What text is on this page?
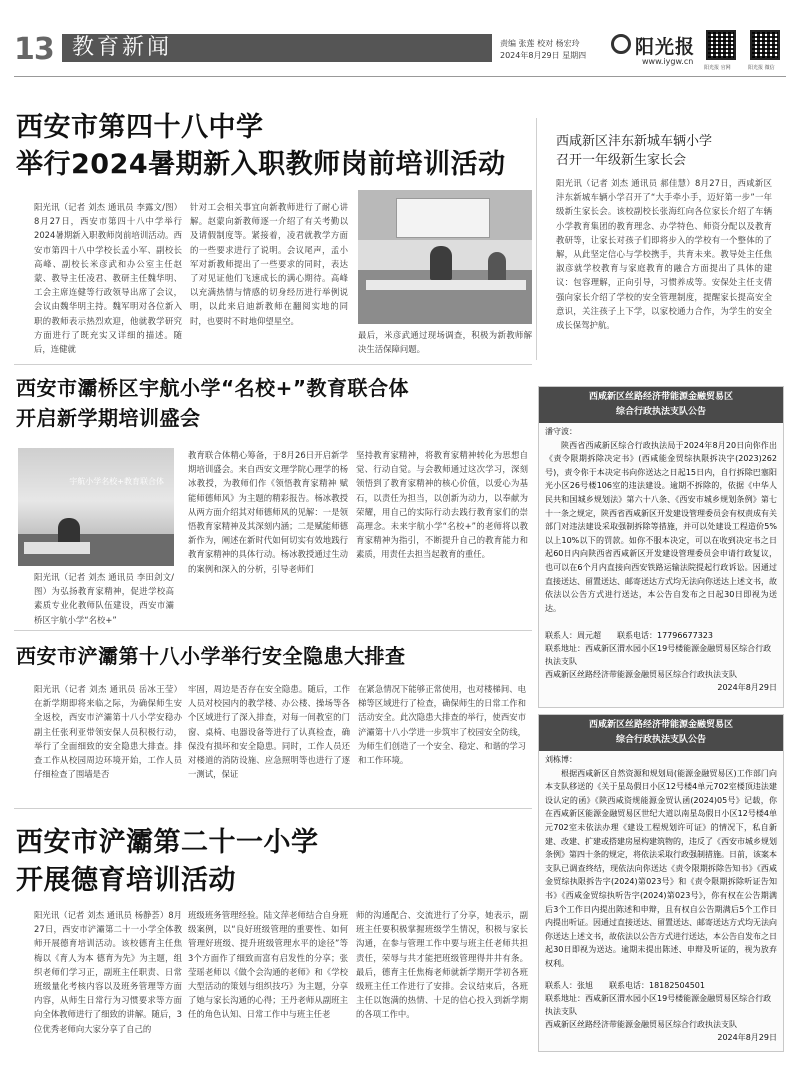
13 教育新闻	责编 张莲 校对 杨宏玲
2024年8月29日 星期四	阳光报
www.iygw.cn
阳光报 官网	阳光报 微信
西安市第四十八中学
举行2024暑期新入职教师岗前培训活动
阳光讯（记者 刘杰 通讯员 李露文/图）8月27日，西安市第四十八中学举行2024暑期新入职教师岗前培训活动。西安市第四十八中学校长孟小军、副校长高峰、副校长米彦武和办公室主任赵蒙、教导主任凌君、教研主任魏华明、工会主席连健等行政领导出席了会议，会议由魏华明主持。魏军明对各位新入职的教师表示热烈欢迎，他就教学研究方面进行了既充实又详细的描述。随后，连健就
针对工会相关事宜向新教师进行了耐心讲解。赵蒙向新教师逐一介绍了有关考勤以及请假制度等。紧接着，凌君就教学方面的一些要求进行了说明。会议尾声，孟小军对新教师提出了一些要求的同时，表达了对见证他们飞速成长的满心期待。高峰以充满热情与情感的切身经历进行举例说明，以此来启迪新教师在翻阅实地的同时，也要时不时地仰望星空。
最后，米彦武通过现场调查，积极为新教师解决生活保障问题。
西咸新区沣东新城车辆小学
召开一年级新生家长会
阳光讯（记者 刘杰 通讯员 郝佳慧）8月27日，西咸新区沣东新城车辆小学召开了“大手牵小手，迈好第一步”一年级新生家长会。该校副校长张海红向各位家长介绍了车辆小学教育集团的教育理念、办学特色、师资分配以及教育教研等，让家长对孩子们即将步入的学校有一个整体的了解，从此坚定信心与学校携手，共育未来。教导处主任焦淑彦就学校教育与家庭教育的融合方面提出了具体的建议：包容理解，正向引导，习惯养成等。安保处主任支倩强向家长介绍了学校的安全管理制度，提醒家长提高安全意识，关注孩子上下学，以家校通力合作，为学生的安全成长保驾护航。
西安市灞桥区宇航小学“名校+”教育联合体
开启新学期培训盛会
宇航小学名校+教育联合体
阳光讯（记者 刘杰 通讯员 李田剑文/图）为弘扬教育家精神，促进学校高素质专业化教师队伍建设，西安市灞桥区宇航小学“名校+”
教育联合体精心筹备，于8月26日开启新学期培训盛会。来自西安文理学院心理学的杨冰教授，为教师们作《领悟教育家精神 赋能师德师风》为主题的精彩报告。杨冰教授从两方面介绍其对师德师风的见解：一是领悟教育家精神及其深刻内涵；二是赋能师德新作为，阐述在新时代如何切实有效地践行教育家精神的具体行动。杨冰教授通过生动的案例和深入的分析，引导老师们
坚持教育家精神，将教育家精神转化为思想自觉、行动自觉。与会教师通过这次学习，深刻领悟到了教育家精神的核心价值，以爱心为基石，以责任为担当，以创新为动力，以奉献为荣耀，用自己的实际行动去践行教育家们的崇高理念。未来宇航小学“名校+”的老师将以教育家精神为指引，不断提升自己的教育能力和素质，用责任去担当起教育的重任。
西安市浐灞第十八小学举行安全隐患大排查
阳光讯（记者 刘杰 通讯员 岳冰王莹）在新学期即将来临之际，为确保师生安全返校，西安市浐灞第十八小学安稳办副主任张利亚带领安保人员积极行动，举行了全面细致的安全隐患大排查。排查工作从校园周边环境开始，工作人员仔细检查了围墙是否
牢固，周边是否存在安全隐患。随后，工作人员对校园内的教学楼、办公楼、操场等各个区域进行了深入排查，对每一间教室的门窗、桌椅、电器设备等进行了认真检查，确保没有损坏和安全隐患。同时，工作人员还对楼道的消防设施、应急照明等也进行了逐一测试，保证
在紧急情况下能够正常使用，也对楼梯间、电梯等区域进行了检查，确保师生的日常工作和活动安全。此次隐患大排查的举行，使西安市浐灞第十八小学进一步筑牢了校园安全防线，为师生们创造了一个安全、稳定、和谐的学习和工作环境。
西安市浐灞第二十一小学
开展德育培训活动
阳光讯（记者 刘杰 通讯员 杨静荟）8月27日，西安市浐灞第二十一小学全体教师开展德育培训活动。该校德育主任焦梅以《育人为本 德育为先》为主题，组织老师们学习正，副班主任职责、日常班级量化考核内容以及班务管理等方面内容，从师生日常行为习惯要求等方面向全体教师进行了细致的讲解。随后，3位优秀老师向大家分享了自己的
班级班务管理经验。陆文萍老师结合自身班级案例，以“良好班级管理的重要性、如何管理好班级、提升班级管理水平的途径”等3个方面作了细致而富有启发性的分享；张莹瑶老师以《做个会沟通的老师》和《学校大型活动的策划与组织技巧》为主题，分享了她与家长沟通的心得；王丹老师从副班主任的角色认知、日常工作中与班主任老
师的沟通配合、交流进行了分享，她表示，副班主任要积极掌握班级学生情况，积极与家长沟通，在参与管理工作中要与班主任老师共担责任，荣辱与共才能把班级管理得井井有条。最后，德育主任焦梅老师就新学期开学初各班级班主任工作进行了安排。会议结束后，各班主任以饱满的热情、十足的信心投入到新学期的各项工作中。
西咸新区丝路经济带能源金融贸易区
综合行政执法支队公告
潘守波：
陕西省西咸新区综合行政执法局于2024年8月20日向你作出《责令限期拆除决定书》(西咸能金贸综执限拆决字(2023)262号)，责令你于本决定书向你送达之日起15日内，自行拆除巴塞阳光小区26号楼106室的违法建设。逾期不拆除的，依据《中华人民共和国城乡规划法》第六十八条、《西安市城乡规划条例》第七十一条之规定，陕西省西咸新区开发建设管理委员会有权责成有关部门对违法建设采取强制拆除等措施，并可以处建设工程造价5%以上10%以下的罚款。如你不服本决定，可以在收到决定书之日起60日内向陕西省西咸新区开发建设管理委员会申请行政复议，也可以在6个月内直接向西安铁路运输法院提起行政诉讼。因通过直接送达、留置送达、邮寄送达方式均无法向你送达上述文书，故依法以公告方式进行送达，本公告自发布之日起30日即视为送达。
联系人：周元超　　联系电话：17796677323
联系地址：西咸新区渭水园小区19号楼能源金融贸易区综合行政执法支队
西咸新区丝路经济带能源金融贸易区综合行政执法支队
2024年8月29日
西咸新区丝路经济带能源金融贸易区
综合行政执法支队公告
刘栋博：
根据西咸新区自然资源和规划局(能源金融贸易区)工作部门向本支队移送的《关于星岛假日小区12号楼4单元702室楼顶违法建设认定的函》《陕西咸资规能源金贸认函(2024)05号》记载，你在西咸新区能源金融贸易区世纪大道以南星岛假日小区12号楼4单元702室未依法办理《建设工程规划许可证》的情况下，私自新建、改建、扩建或搭建房屋构建筑物的，违反了《西安市城乡规划条例》第四十条的规定，将依法采取行政强制措施。日前，该案本支队已调查终结，现依法向你送达《责令限期拆除告知书》《西咸金贸综执限拆告字(2024)第023号》和《责令限期拆除听证告知书》《西咸金贸综执听告字(2024)第023号》，你有权在公告期满后3个工作日内提出陈述和申辩，且有权自公告期满后5个工作日内提出听证。因通过直接送达、留置送达、邮寄送达方式均无法向你送达上述文书，故依法以公告方式进行送达，本公告自发布之日起30日即视为送达。逾期未提出陈述、申辩及听证的，视为放弃权利。
联系人：张旭　　联系电话：18182504501
联系地址：西咸新区渭水园小区19号楼能源金融贸易区综合行政执法支队
西咸新区丝路经济带能源金融贸易区综合行政执法支队
2024年8月29日
